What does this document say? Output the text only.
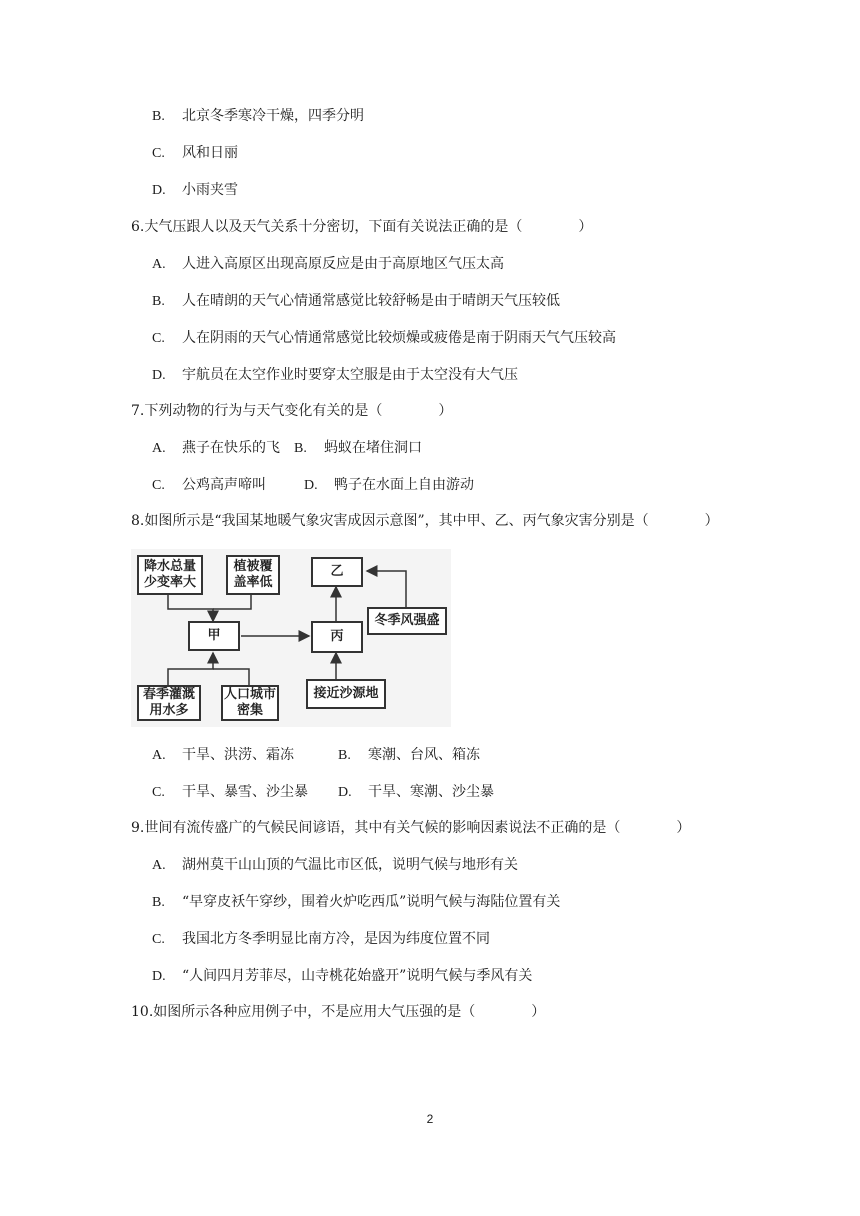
B. 北京冬季寒冷干燥，四季分明
C. 风和日丽
D. 小雨夹雪
6.大气压跟人以及天气关系十分密切，下面有关说法正确的是（	）
A. 人进入高原区出现高原反应是由于高原地区气压太高
B. 人在晴朗的天气心情通常感觉比较舒畅是由于晴朗天气压较低
C. 人在阴雨的天气心情通常感觉比较烦燥或疲倦是南于阴雨天气气压较高
D. 宇航员在太空作业时要穿太空服是由于太空没有大气压
7.下列动物的行为与天气变化有关的是（	）
A. 燕子在快乐的飞 B. 蚂蚁在堵住洞口
C. 公鸡高声啼叫	D. 鸭子在水面上自由游动
8.如图所示是“我国某地暖气象灾害成因示意图”，其中甲、乙、丙气象灾害分别是（	）
降水总量少变率大
植被覆盖率低
甲	丙
乙
冬季风强盛
春季灌溉用水多
人口城市密集
接近沙源地
A. 干旱、洪涝、霜冻	B. 寒潮、台风、箱冻
C. 干旱、暴雪、沙尘暴 D. 干旱、寒潮、沙尘暴
9.世间有流传盛广的气候民间谚语，其中有关气候的影响因素说法不正确的是（	）
A. 湖州莫干山山顶的气温比市区低，说明气候与地形有关
B. “早穿皮袄午穿纱，围着火炉吃西瓜”说明气候与海陆位置有关
C. 我国北方冬季明显比南方冷，是因为纬度位置不同
D. “人间四月芳菲尽，山寺桃花始盛开”说明气候与季风有关
10.如图所示各种应用例子中，不是应用大气压强的是（	）
2
